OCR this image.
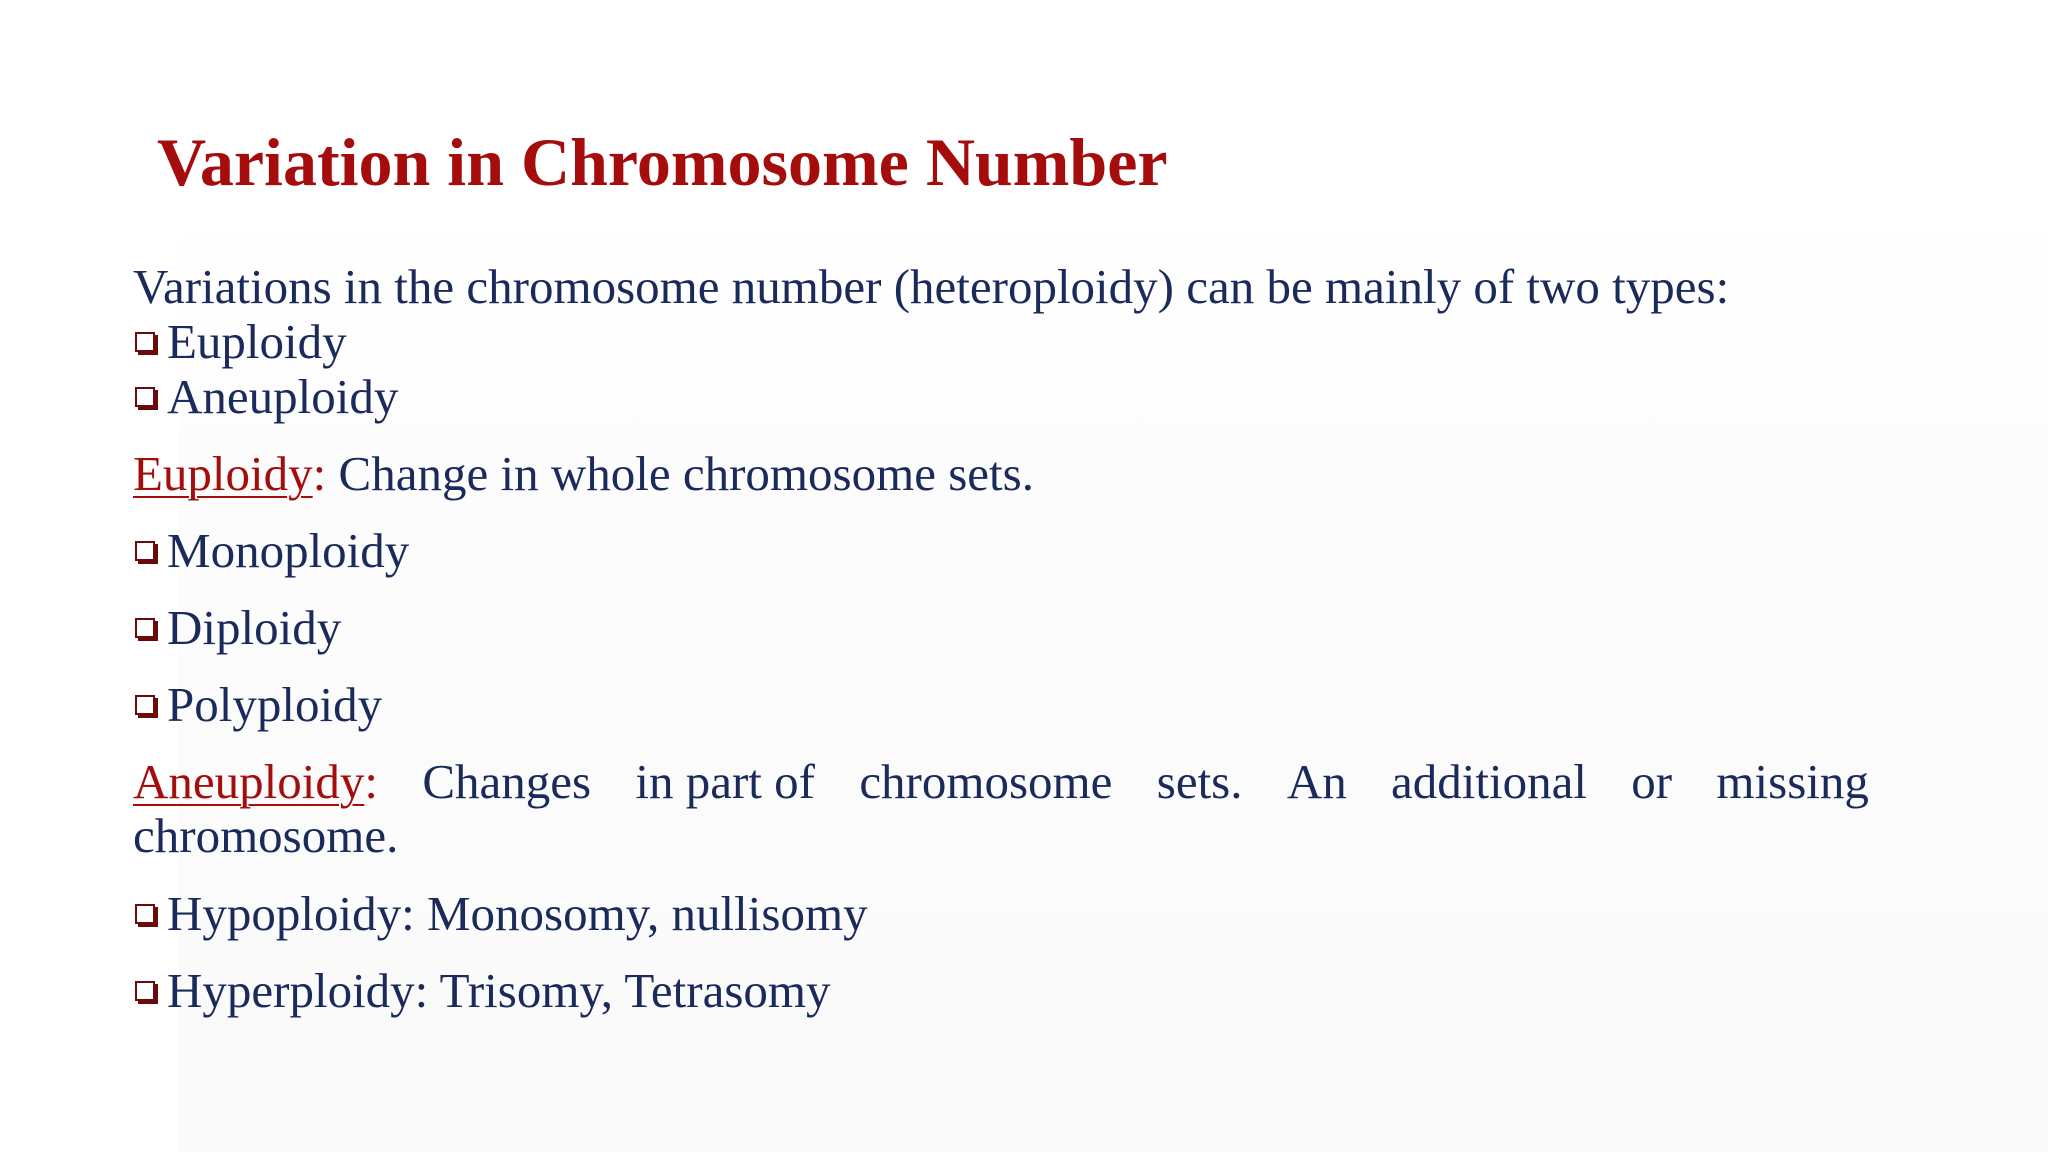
Variation in Chromosome Number

Variations in the chromosome number (heteroploidy) can be mainly of two types:

Euploidy

Aneuploidy

Euploidy: Change in whole chromosome sets.

Monoploidy

Diploidy

Polyploidy

Aneuploidy: Changes in part of chromosome sets. An additional or missing

chromosome.

Hypoploidy: Monosomy, nullisomy

Hyperploidy: Trisomy, Tetrasomy
